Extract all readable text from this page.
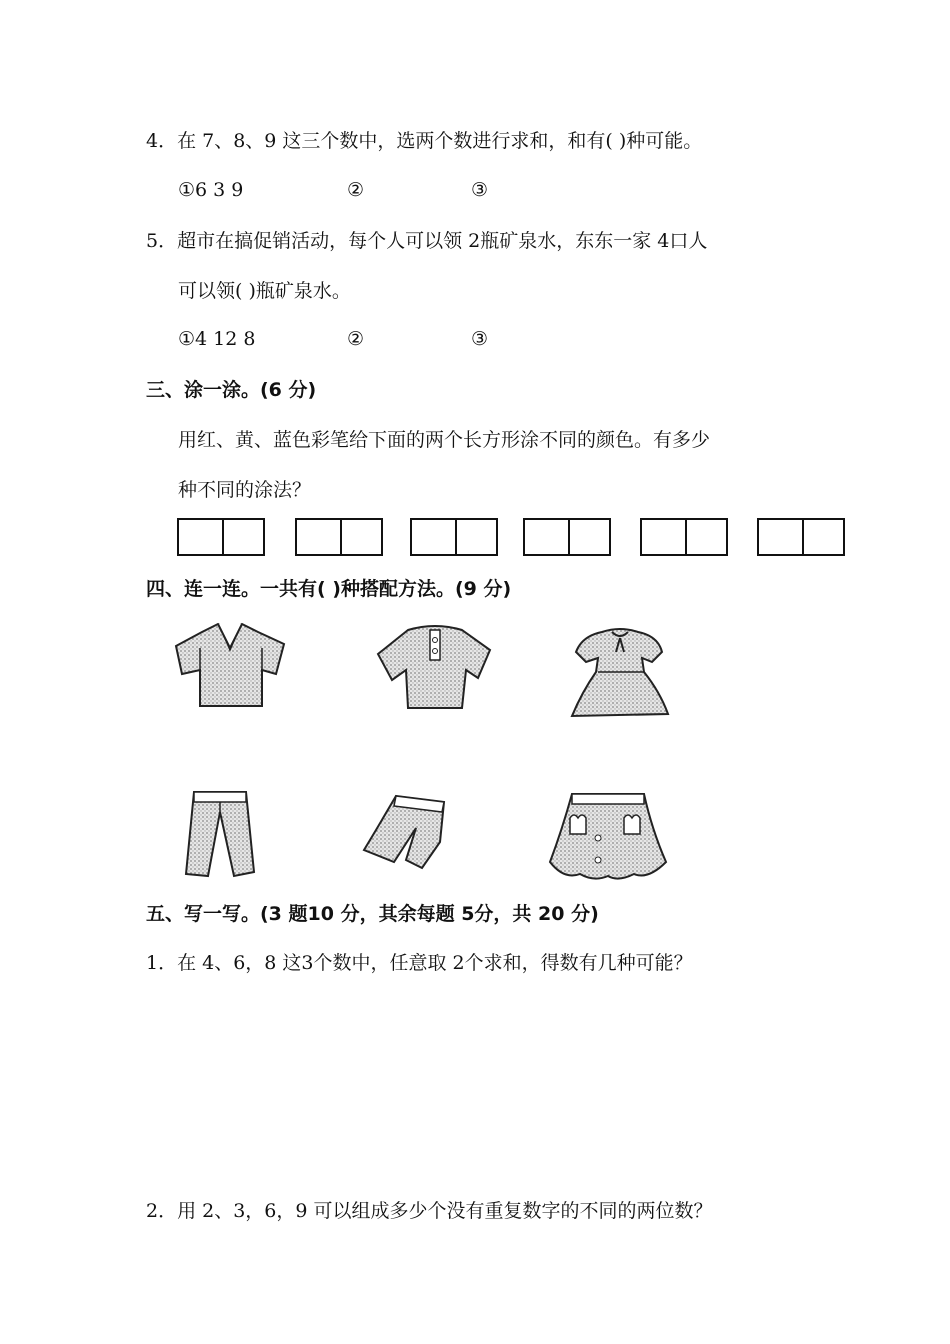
4．在 7、8、9 这三个数中，选两个数进行求和，和有( )种可能。
①6 3 9	②	③
5．超市在搞促销活动，每个人可以领 2瓶矿泉水，东东一家 4口人
可以领( )瓶矿泉水。
①4 12 8	②	③
三、涂一涂。(6 分)
用红、黄、蓝色彩笔给下面的两个长方形涂不同的颜色。有多少
种不同的涂法？
四、连一连。一共有( )种搭配方法。(9 分)
五、写一写。(3 题10 分，其余每题 5分，共 20 分)
1．在 4、6，8 这3个数中，任意取 2个求和，得数有几种可能？
2．用 2、3，6，9 可以组成多少个没有重复数字的不同的两位数？
